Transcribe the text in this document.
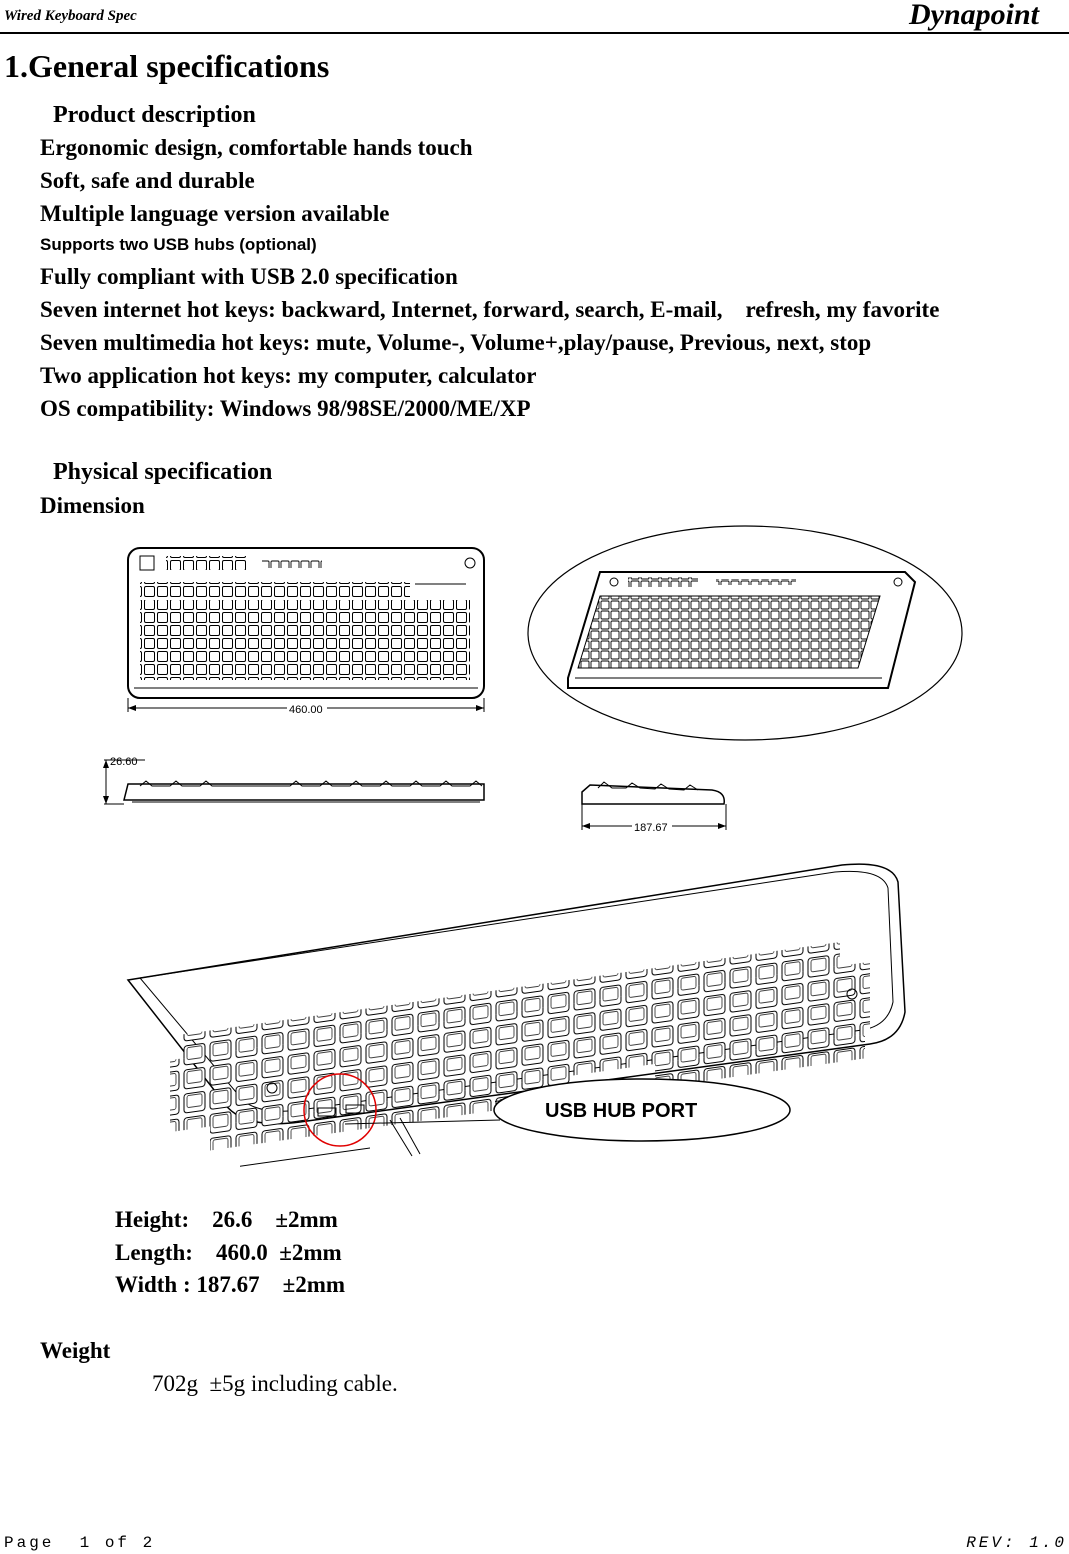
Wired Keyboard Spec	Dynapoint
1.General specifications
Product description
Ergonomic design, comfortable hands touch
Soft, safe and durable
Multiple language version available
Supports two USB hubs (optional)
Fully compliant with USB 2.0 specification
Seven internet hot keys: backward, Internet, forward, search, E-mail,    refresh, my favorite
Seven multimedia hot keys: mute, Volume-, Volume+,play/pause, Previous, next, stop
Two application hot keys: my computer, calculator
OS compatibility: Windows 98/98SE/2000/ME/XP
Physical specification
Dimension
460.00
26.60
187.67
USB HUB PORT
Height:    26.6    ±2mm
Length:    460.0  ±2mm
Width : 187.67    ±2mm
Weight
702g  ±5g including cable.
Page  1 of 2	REV: 1.0
